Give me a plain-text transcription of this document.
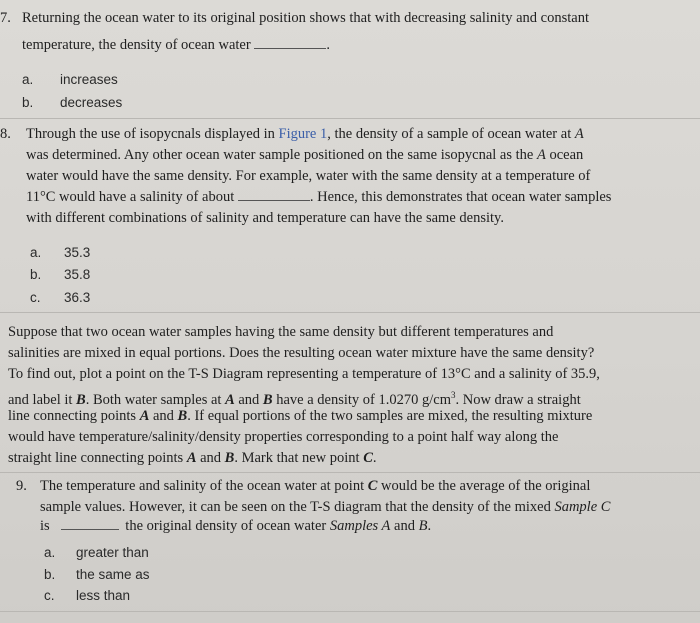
7. Returning the ocean water to its original position shows that with decreasing salinity and constant
temperature, the density of ocean water	.
a. increases
b. decreases
8. Through the use of isopycnals displayed in Figure 1, the density of a sample of ocean water at A
was determined. Any other ocean water sample positioned on the same isopycnal as the A ocean
water would have the same density. For example, water with the same density at a temperature of
11°C would have a salinity of about	. Hence, this demonstrates that ocean water samples
with different combinations of salinity and temperature can have the same density.
a. 35.3
b. 35.8
c. 36.3
Suppose that two ocean water samples having the same density but different temperatures and
salinities are mixed in equal portions. Does the resulting ocean water mixture have the same density?
To find out, plot a point on the T-S Diagram representing a temperature of 13°C and a salinity of 35.9,
and label it B. Both water samples at A and B have a density of 1.0270 $g/cm^3$. Now draw a straight
line connecting points A and B. If equal portions of the two samples are mixed, the resulting mixture
would have temperature/salinity/density properties corresponding to a point half way along the
straight line connecting points A and B. Mark that new point C.
9. The temperature and salinity of the ocean water at point C would be the average of the original
sample values. However, it can be seen on the T-S diagram that the density of the mixed Sample C
is	the original density of ocean water Samples A and B.
a. greater than
b. the same as
c. less than
